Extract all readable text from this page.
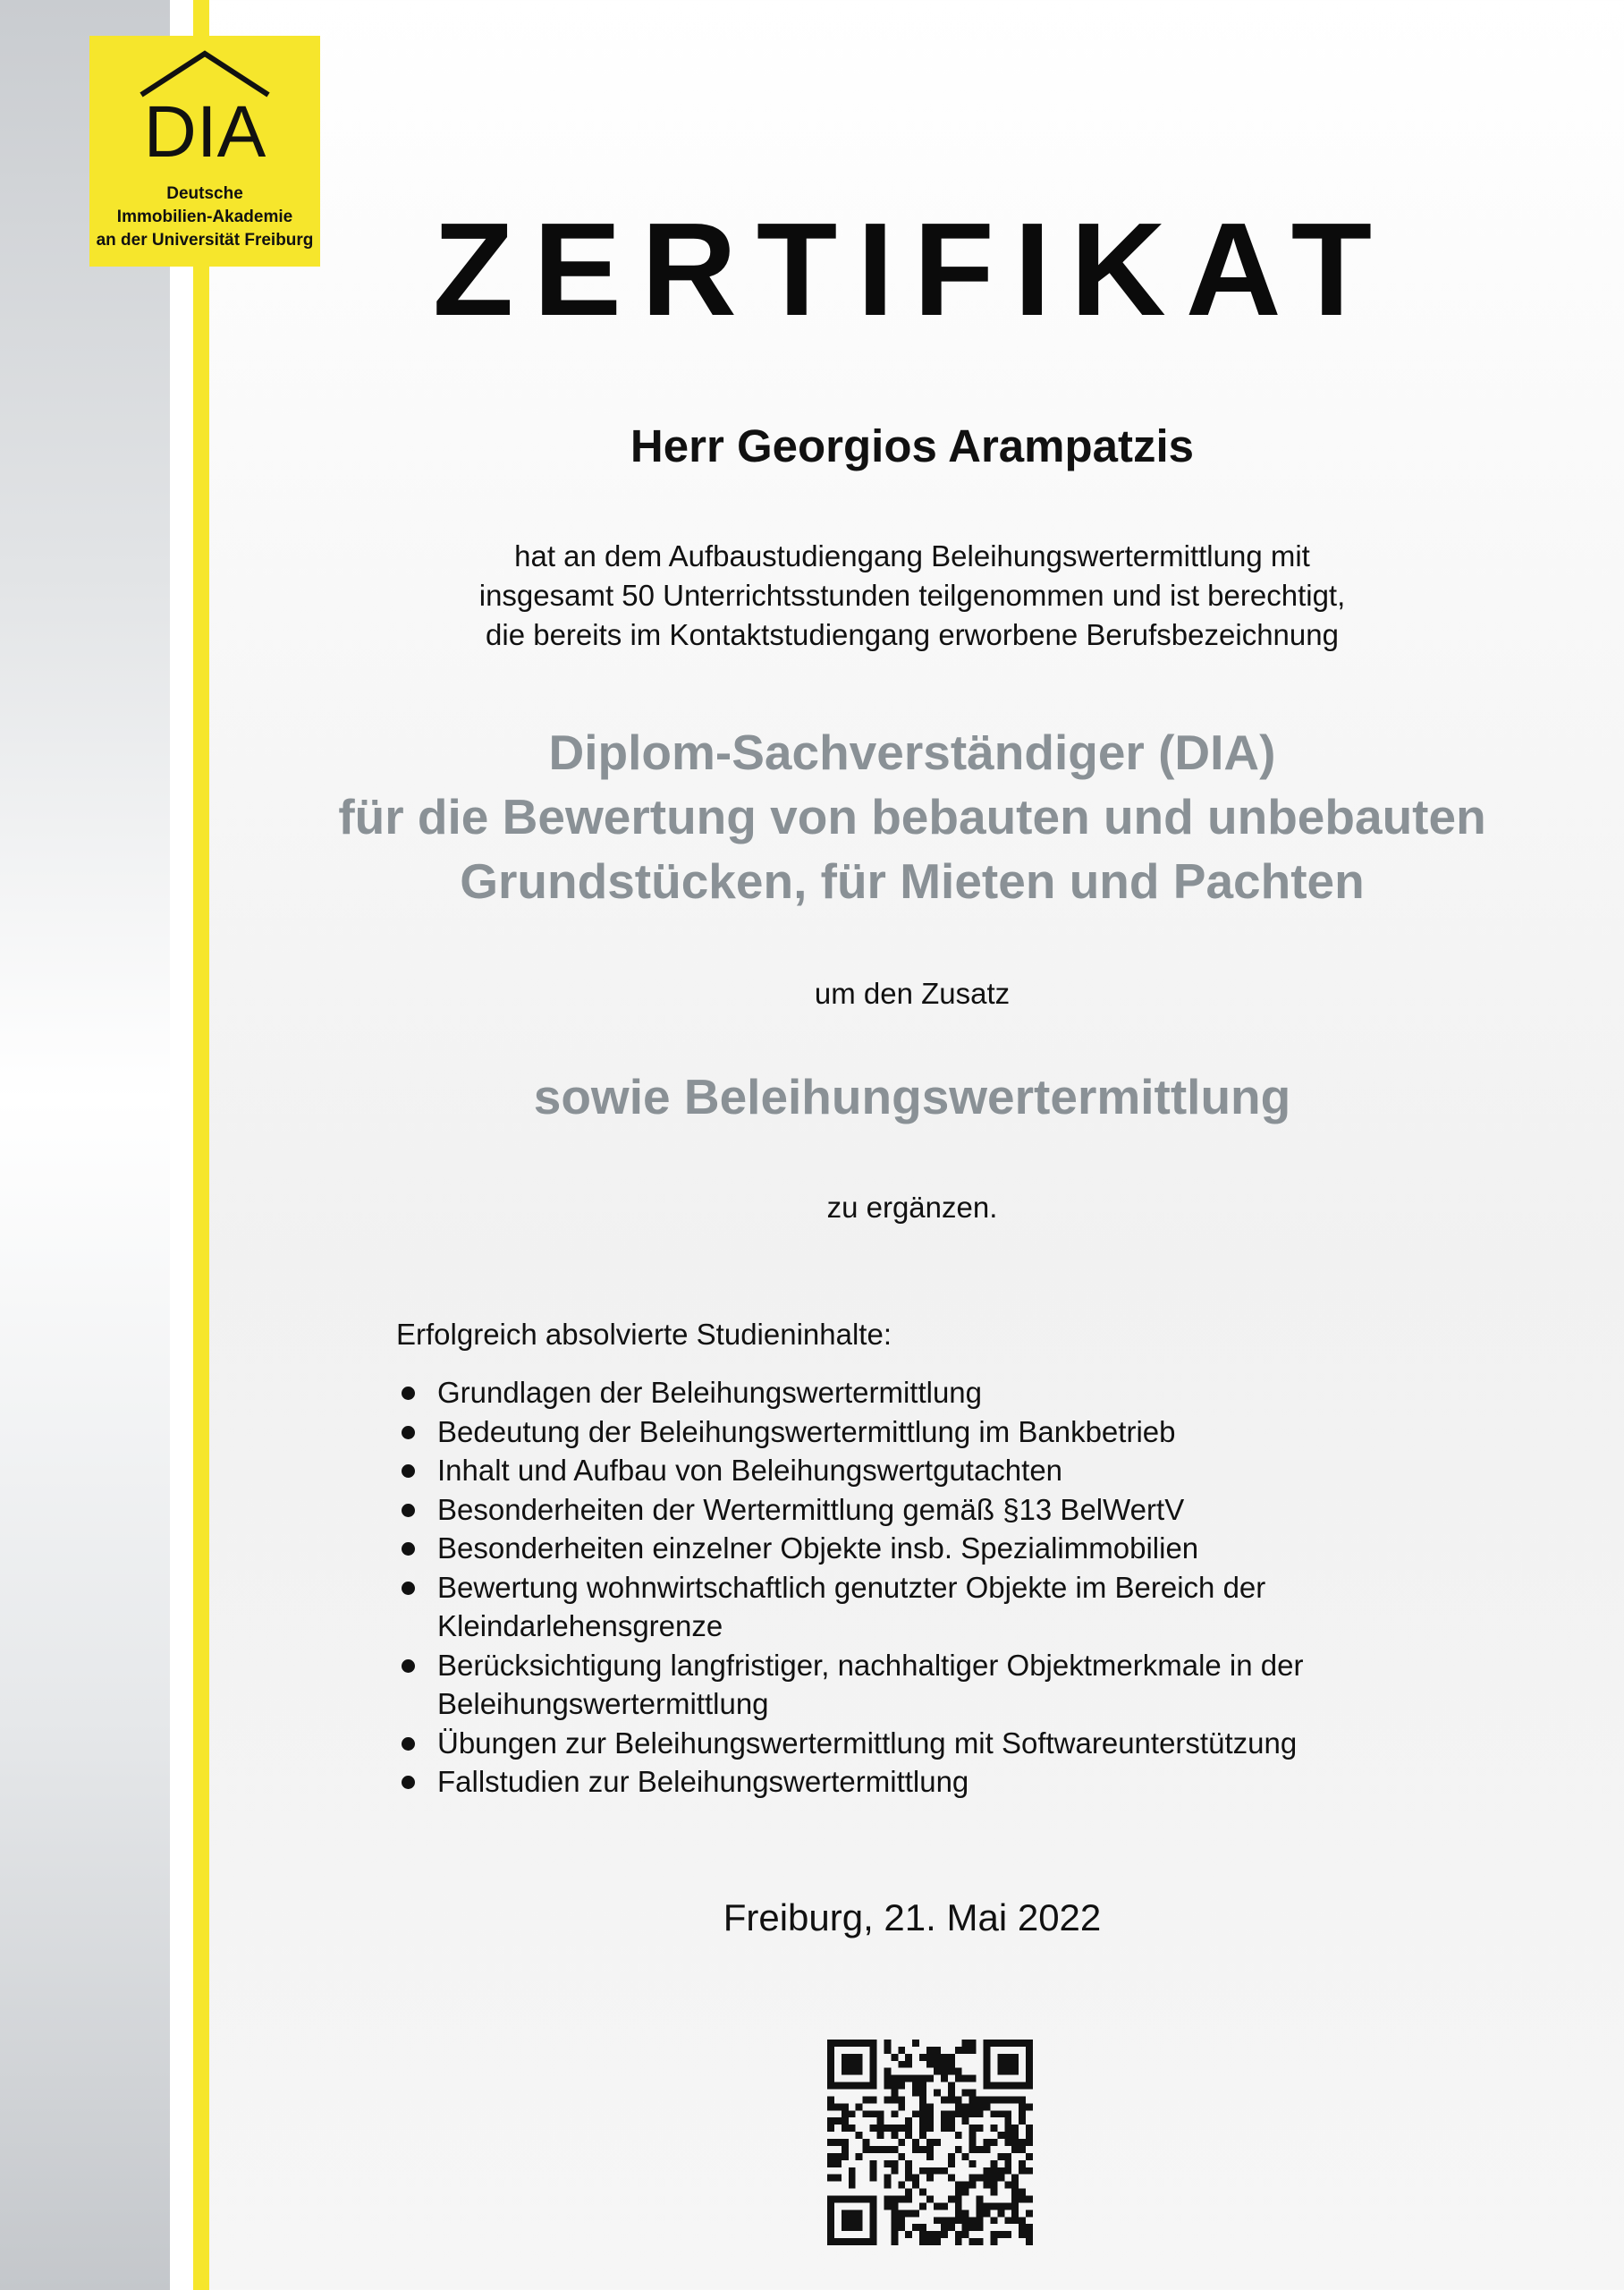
DIA
Deutsche
Immobilien-Akademie
an der Universität Freiburg ZERTIFIKAT
Herr Georgios Arampatzis
hat an dem Aufbaustudiengang Beleihungswertermittlung mit
insgesamt 50 Unterrichtsstunden teilgenommen und ist berechtigt,
die bereits im Kontaktstudiengang erworbene Berufsbezeichnung
Diplom-Sachverständiger (DIA)
für die Bewertung von bebauten und unbebauten
Grundstücken, für Mieten und Pachten
um den Zusatz
sowie Beleihungswertermittlung
zu ergänzen.
Erfolgreich absolvierte Studieninhalte:
Grundlagen der Beleihungswertermittlung
Bedeutung der Beleihungswertermittlung im Bankbetrieb
Inhalt und Aufbau von Beleihungswertgutachten
Besonderheiten der Wertermittlung gemäß §13 BelWertV
Besonderheiten einzelner Objekte insb. Spezialimmobilien
Bewertung wohnwirtschaftlich genutzter Objekte im Bereich der
Kleindarlehensgrenze
Berücksichtigung langfristiger, nachhaltiger Objektmerkmale in der
Beleihungswertermittlung
Übungen zur Beleihungswertermittlung mit Softwareunterstützung
Fallstudien zur Beleihungswertermittlung
Freiburg, 21. Mai 2022
